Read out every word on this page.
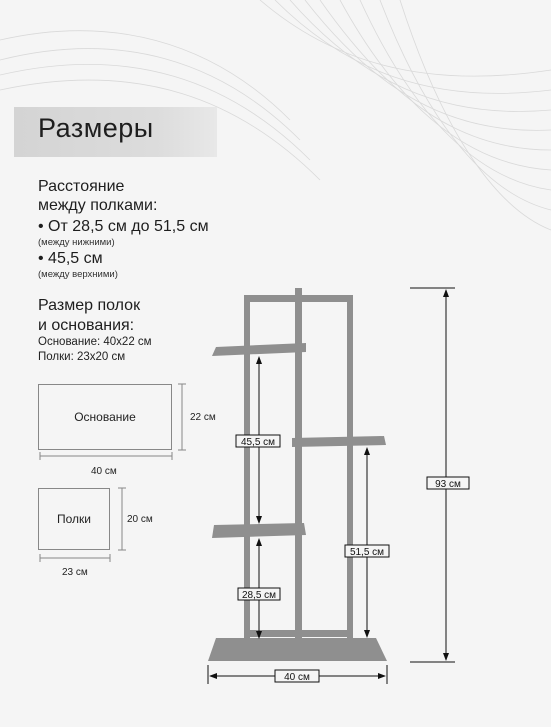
Размеры
Расстояние
между полками:
• От 28,5 см до 51,5 см
(между нижними)
• 45,5 см
(между верхними)
Размер полок
и основания:
Основание: 40х22 см
Полки: 23х20 см
Основание	22 см
40 см
Полки	20 см
23 см
45,5 см
28,5 см
51,5 см
93 см
40 см
